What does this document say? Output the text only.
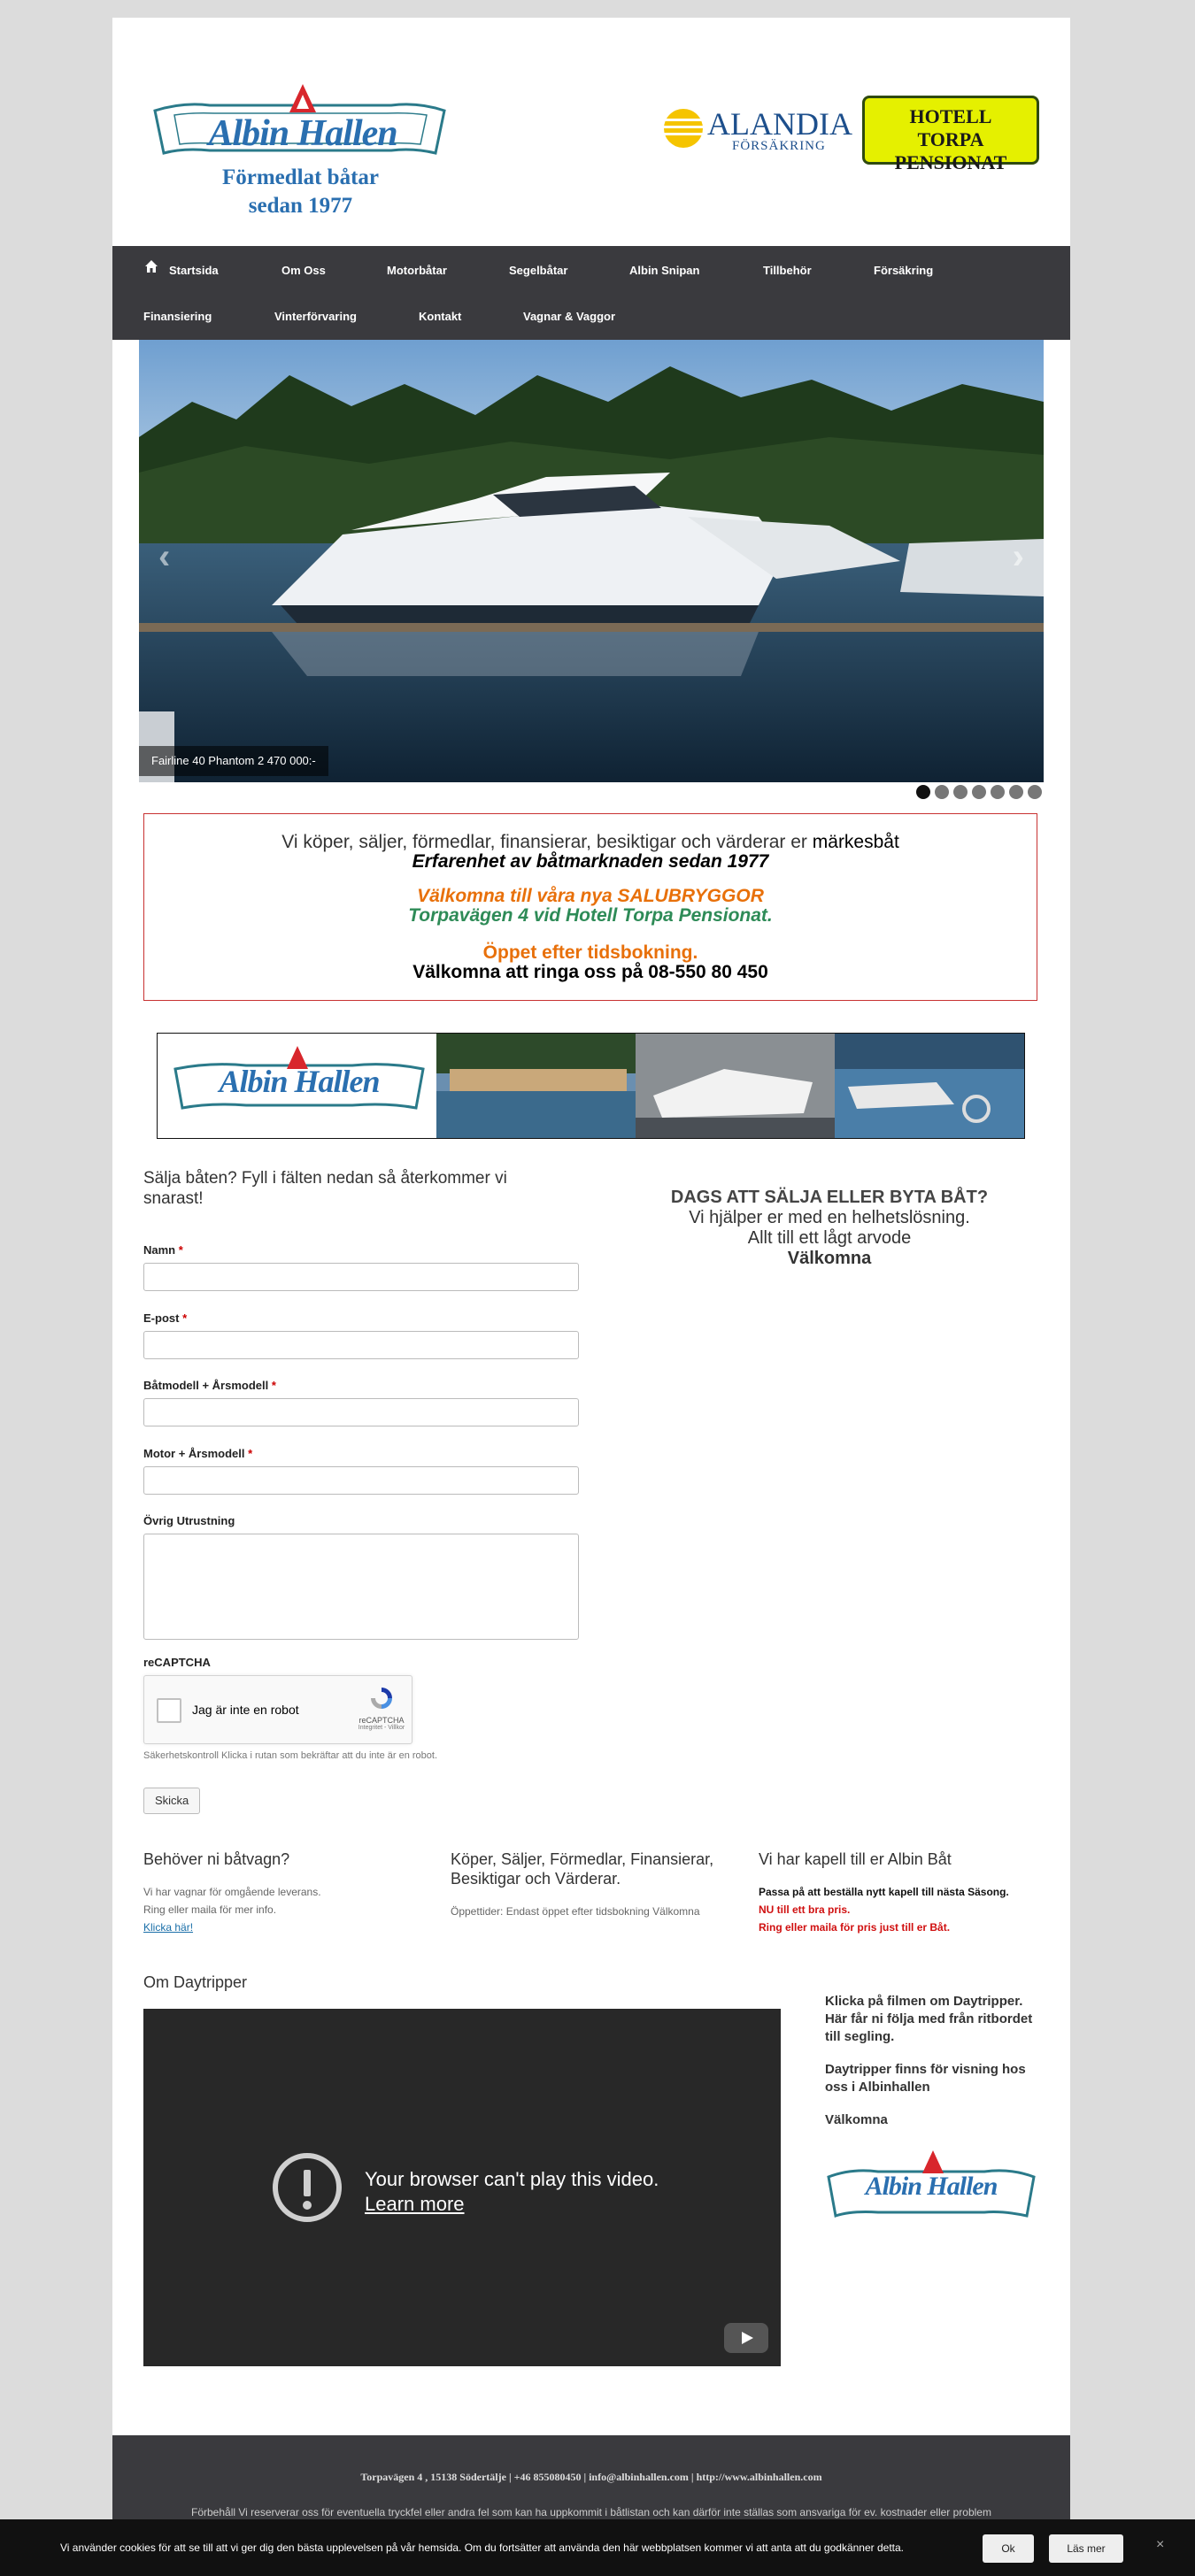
Albin Hallen
Förmedlat båtar
sedan 1977
ALANDIA
FÖRSÄKRING
HOTELL
TORPA PENSIONAT
Startsida	Om Oss	Motorbåtar	Segelbåtar	Albin Snipan	Tillbehör	Försäkring
Finansiering	Vinterförvaring	Kontakt	Vagnar & Vaggor
‹	›
Fairline 40 Phantom 2 470 000:-
Vi köper, säljer, förmedlar, finansierar, besiktigar och värderar er märkesbåt
Erfarenhet av båtmarknaden sedan 1977
Välkomna till våra nya SALUBRYGGOR
Torpavägen 4 vid Hotell Torpa Pensionat.
Öppet efter tidsbokning.
Välkomna att ringa oss på 08-550 80 450
Albin Hallen
Sälja båten? Fyll i fälten nedan så återkommer vi snarast!
Namn *
E-post *
Båtmodell + Årsmodell *
Motor + Årsmodell *
Övrig Utrustning
reCAPTCHA
Jag är inte en robot
reCAPTCHA
Integritet - Villkor
Säkerhetskontroll Klicka i rutan som bekräftar att du inte är en robot.
Skicka
DAGS ATT SÄLJA ELLER BYTA BÅT?
Vi hjälper er med en helhetslösning.
Allt till ett lågt arvode
Välkomna
Behöver ni båtvagn?
Vi har vagnar för omgående leverans.
Ring eller maila för mer info.
Klicka här!
Köper, Säljer, Förmedlar, Finansierar, Besiktigar och Värderar.
Öppettider: Endast öppet efter tidsbokning Välkomna
Vi har kapell till er Albin Båt
Passa på att beställa nytt kapell till nästa Säsong.
NU till ett bra pris.
Ring eller maila för pris just till er Båt.
Om Daytripper
Your browser can't play this video.
Learn more
Klicka på filmen om Daytripper. Här får ni följa med från ritbordet till segling.
Daytripper finns för visning hos oss i Albinhallen
Välkomna
Albin Hallen
Torpavägen 4 , 15138 Södertälje | +46 855080450 | info@albinhallen.com | http://www.albinhallen.com
Förbehåll Vi reserverar oss för eventuella tryckfel eller andra fel som kan ha uppkommit i båtlistan och kan därför inte ställas som ansvariga för ev. kostnader eller problem
Vi använder cookies för att se till att vi ger dig den bästa upplevelsen på vår hemsida. Om du fortsätter att använda den här webbplatsen kommer vi att anta att du godkänner detta.	Ok	Läs mer	×
